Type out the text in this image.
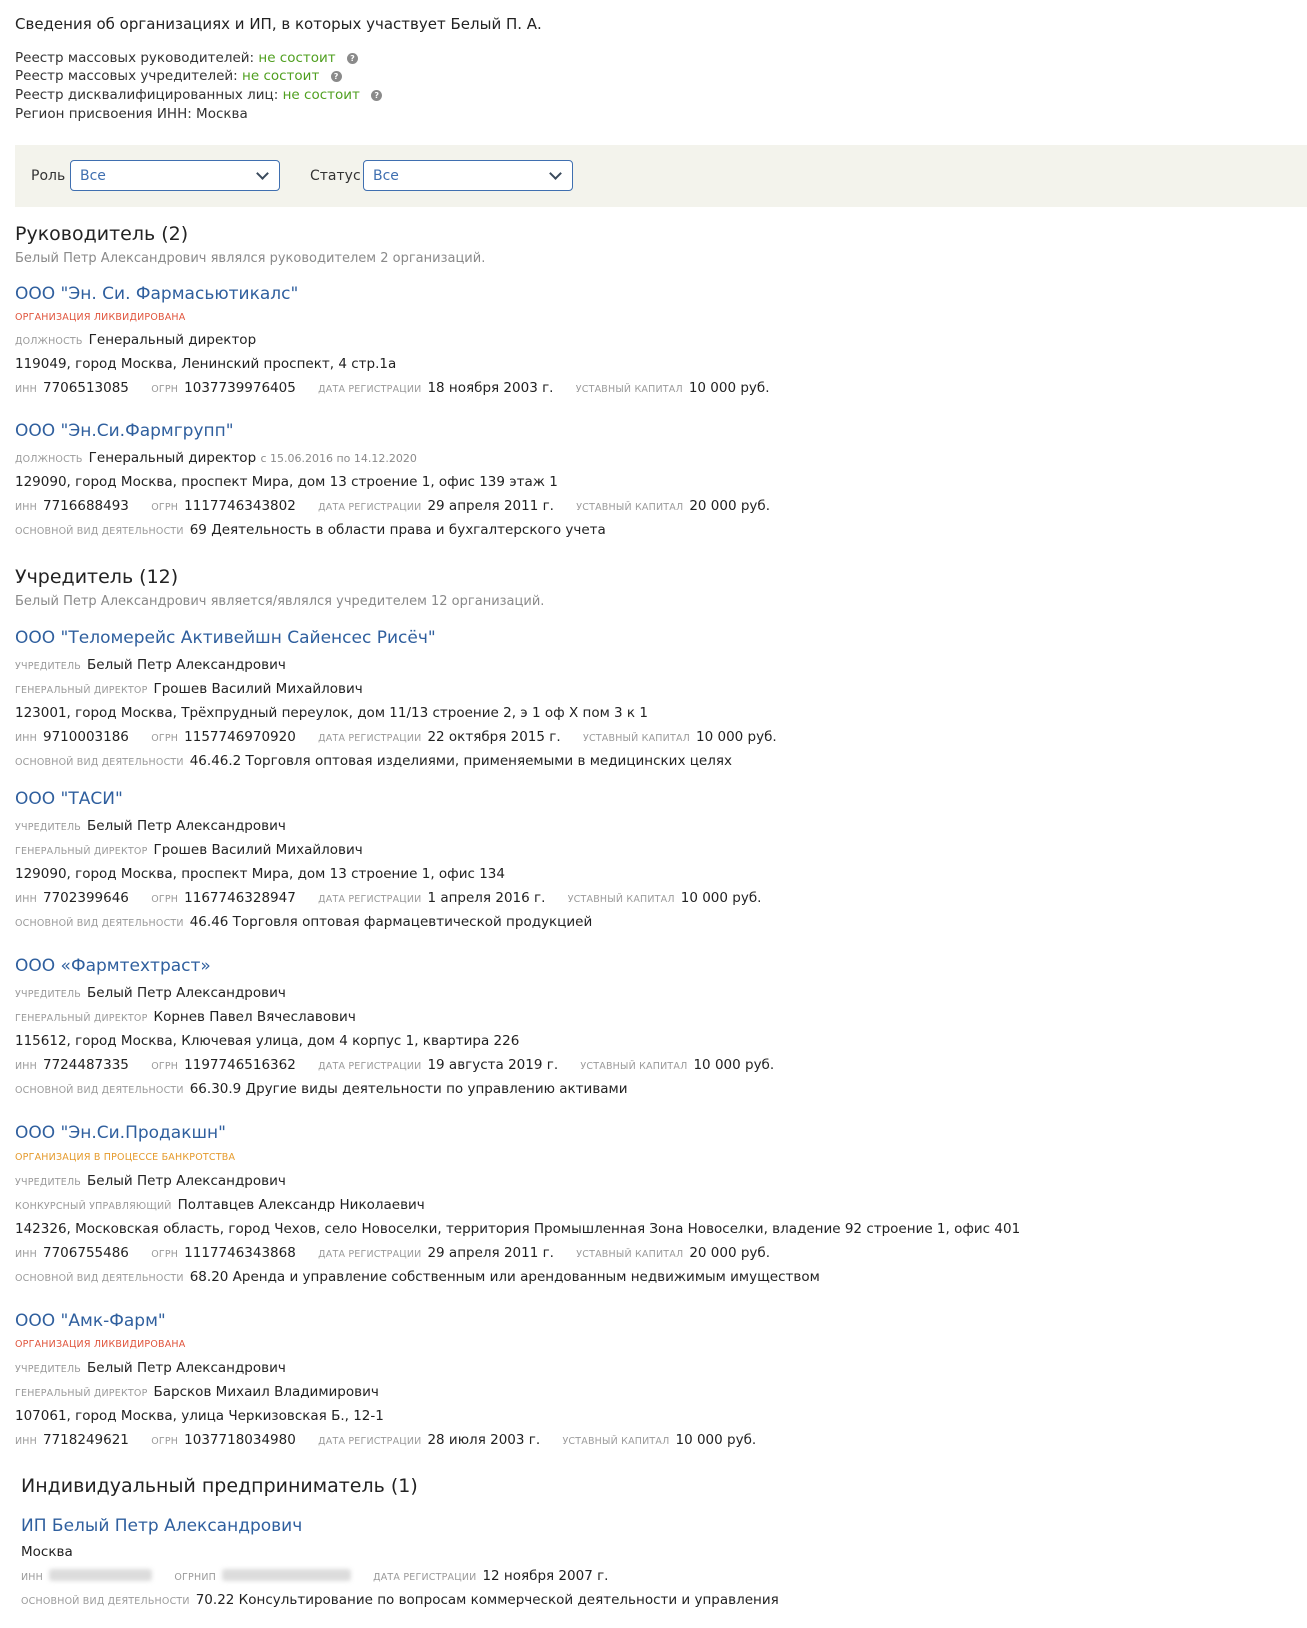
Сведения об организациях и ИП, в которых участвует Белый П. А.
Реестр массовых руководителей: не состоит ?
Реестр массовых учредителей: не состоит ?
Реестр дисквалифицированных лиц: не состоит ?
Регион присвоения ИНН: Москва
Роль	Все	Статус Все
Руководитель (2)
Белый Петр Александрович являлся руководителем 2 организаций.
ООО "Эн. Си. Фармасьютикалс"
ОРГАНИЗАЦИЯ ЛИКВИДИРОВАНА
ДОЛЖНОСТЬ Генеральный директор
119049, город Москва, Ленинский проспект, 4 стр.1а
ИНН 7706513085 ОГРН 1037739976405 ДАТА РЕГИСТРАЦИИ 18 ноября 2003 г. УСТАВНЫЙ КАПИТАЛ 10 000 руб.
ООО "Эн.Си.Фармгрупп"
ДОЛЖНОСТЬ Генеральный директор с 15.06.2016 по 14.12.2020
129090, город Москва, проспект Мира, дом 13 строение 1, офис 139 этаж 1
ИНН 7716688493 ОГРН 1117746343802 ДАТА РЕГИСТРАЦИИ 29 апреля 2011 г. УСТАВНЫЙ КАПИТАЛ 20 000 руб.
ОСНОВНОЙ ВИД ДЕЯТЕЛЬНОСТИ 69 Деятельность в области права и бухгалтерского учета
Учредитель (12)
Белый Петр Александрович является/являлся учредителем 12 организаций.
ООО "Теломерейс Активейшн Сайенсес Рисёч"
УЧРЕДИТЕЛЬ Белый Петр Александрович
ГЕНЕРАЛЬНЫЙ ДИРЕКТОР Грошев Василий Михайлович
123001, город Москва, Трёхпрудный переулок, дом 11/13 строение 2, э 1 оф Х пом 3 к 1
ИНН 9710003186 ОГРН 1157746970920 ДАТА РЕГИСТРАЦИИ 22 октября 2015 г. УСТАВНЫЙ КАПИТАЛ 10 000 руб.
ОСНОВНОЙ ВИД ДЕЯТЕЛЬНОСТИ 46.46.2 Торговля оптовая изделиями, применяемыми в медицинских целях
ООО "ТАСИ"
УЧРЕДИТЕЛЬ Белый Петр Александрович
ГЕНЕРАЛЬНЫЙ ДИРЕКТОР Грошев Василий Михайлович
129090, город Москва, проспект Мира, дом 13 строение 1, офис 134
ИНН 7702399646 ОГРН 1167746328947 ДАТА РЕГИСТРАЦИИ 1 апреля 2016 г. УСТАВНЫЙ КАПИТАЛ 10 000 руб.
ОСНОВНОЙ ВИД ДЕЯТЕЛЬНОСТИ 46.46 Торговля оптовая фармацевтической продукцией
ООО «Фармтехтраст»
УЧРЕДИТЕЛЬ Белый Петр Александрович
ГЕНЕРАЛЬНЫЙ ДИРЕКТОР Корнев Павел Вячеславович
115612, город Москва, Ключевая улица, дом 4 корпус 1, квартира 226
ИНН 7724487335 ОГРН 1197746516362 ДАТА РЕГИСТРАЦИИ 19 августа 2019 г. УСТАВНЫЙ КАПИТАЛ 10 000 руб.
ОСНОВНОЙ ВИД ДЕЯТЕЛЬНОСТИ 66.30.9 Другие виды деятельности по управлению активами
ООО "Эн.Си.Продакшн"
ОРГАНИЗАЦИЯ В ПРОЦЕССЕ БАНКРОТСТВА
УЧРЕДИТЕЛЬ Белый Петр Александрович
КОНКУРСНЫЙ УПРАВЛЯЮЩИЙ Полтавцев Александр Николаевич
142326, Московская область, город Чехов, село Новоселки, территория Промышленная Зона Новоселки, владение 92 строение 1, офис 401
ИНН 7706755486 ОГРН 1117746343868 ДАТА РЕГИСТРАЦИИ 29 апреля 2011 г. УСТАВНЫЙ КАПИТАЛ 20 000 руб.
ОСНОВНОЙ ВИД ДЕЯТЕЛЬНОСТИ 68.20 Аренда и управление собственным или арендованным недвижимым имуществом
ООО "Амк-Фарм"
ОРГАНИЗАЦИЯ ЛИКВИДИРОВАНА
УЧРЕДИТЕЛЬ Белый Петр Александрович
ГЕНЕРАЛЬНЫЙ ДИРЕКТОР Барсков Михаил Владимирович
107061, город Москва, улица Черкизовская Б., 12-1
ИНН 7718249621 ОГРН 1037718034980 ДАТА РЕГИСТРАЦИИ 28 июля 2003 г. УСТАВНЫЙ КАПИТАЛ 10 000 руб.
Индивидуальный предприниматель (1)
ИП Белый Петр Александрович
Москва
ИНН	ОГРНИП	ДАТА РЕГИСТРАЦИИ 12 ноября 2007 г.
ОСНОВНОЙ ВИД ДЕЯТЕЛЬНОСТИ 70.22 Консультирование по вопросам коммерческой деятельности и управления
